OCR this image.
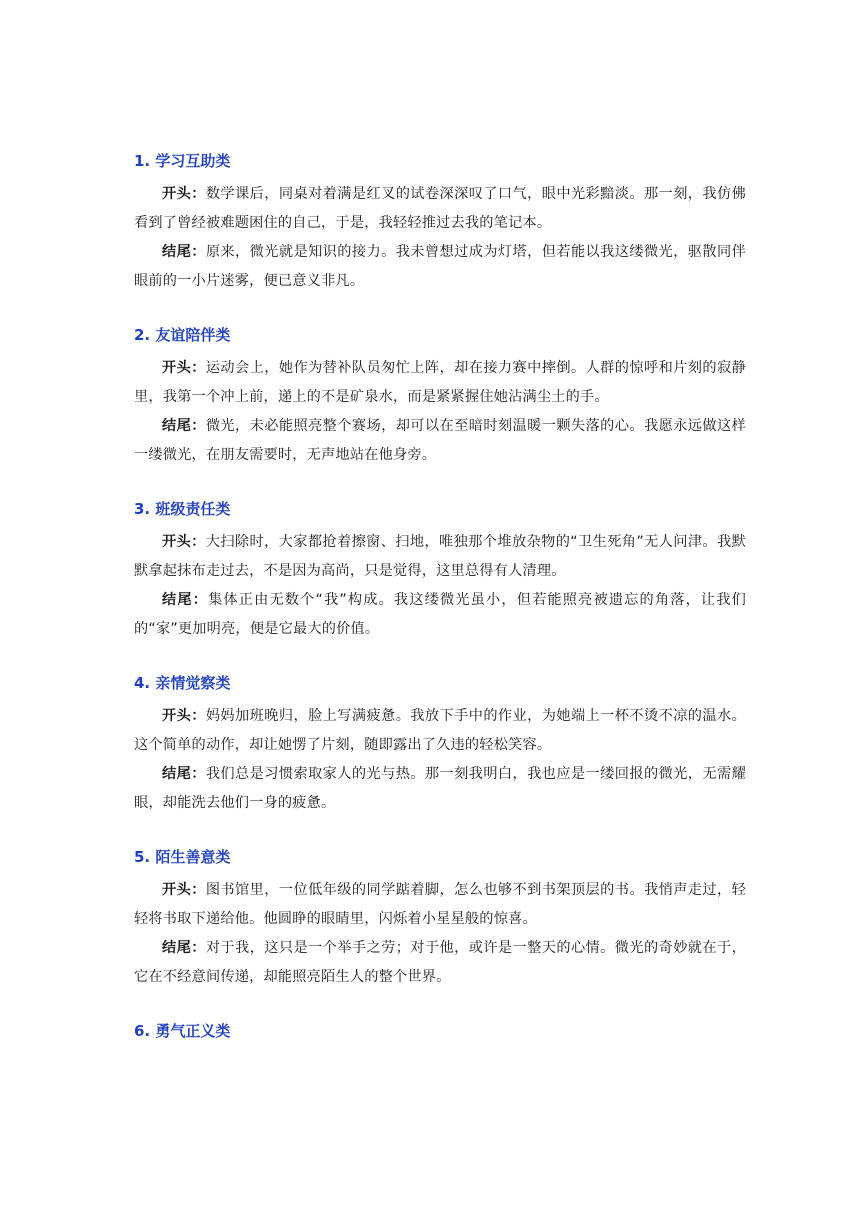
1. 学习互助类

开头：数学课后，同桌对着满是红叉的试卷深深叹了口气，眼中光彩黯淡。那一刻，我仿佛看到了曾经被难题困住的自己，于是，我轻轻推过去我的笔记本。

结尾：原来，微光就是知识的接力。我未曾想过成为灯塔，但若能以我这缕微光，驱散同伴眼前的一小片迷雾，便已意义非凡。

2. 友谊陪伴类

开头：运动会上，她作为替补队员匆忙上阵，却在接力赛中摔倒。人群的惊呼和片刻的寂静里，我第一个冲上前，递上的不是矿泉水，而是紧紧握住她沾满尘土的手。

结尾：微光，未必能照亮整个赛场，却可以在至暗时刻温暖一颗失落的心。我愿永远做这样一缕微光，在朋友需要时，无声地站在他身旁。

3. 班级责任类

开头：大扫除时，大家都抢着擦窗、扫地，唯独那个堆放杂物的“卫生死角”无人问津。我默默拿起抹布走过去，不是因为高尚，只是觉得，这里总得有人清理。

结尾：集体正由无数个“我”构成。我这缕微光虽小，但若能照亮被遗忘的角落，让我们的“家”更加明亮，便是它最大的价值。

4. 亲情觉察类

开头：妈妈加班晚归，脸上写满疲惫。我放下手中的作业，为她端上一杯不烫不凉的温水。这个简单的动作，却让她愣了片刻，随即露出了久违的轻松笑容。

结尾：我们总是习惯索取家人的光与热。那一刻我明白，我也应是一缕回报的微光，无需耀眼，却能洗去他们一身的疲惫。

5. 陌生善意类

开头：图书馆里，一位低年级的同学踮着脚，怎么也够不到书架顶层的书。我悄声走过，轻轻将书取下递给他。他圆睁的眼睛里，闪烁着小星星般的惊喜。

结尾：对于我，这只是一个举手之劳；对于他，或许是一整天的心情。微光的奇妙就在于，它在不经意间传递，却能照亮陌生人的整个世界。

6. 勇气正义类
